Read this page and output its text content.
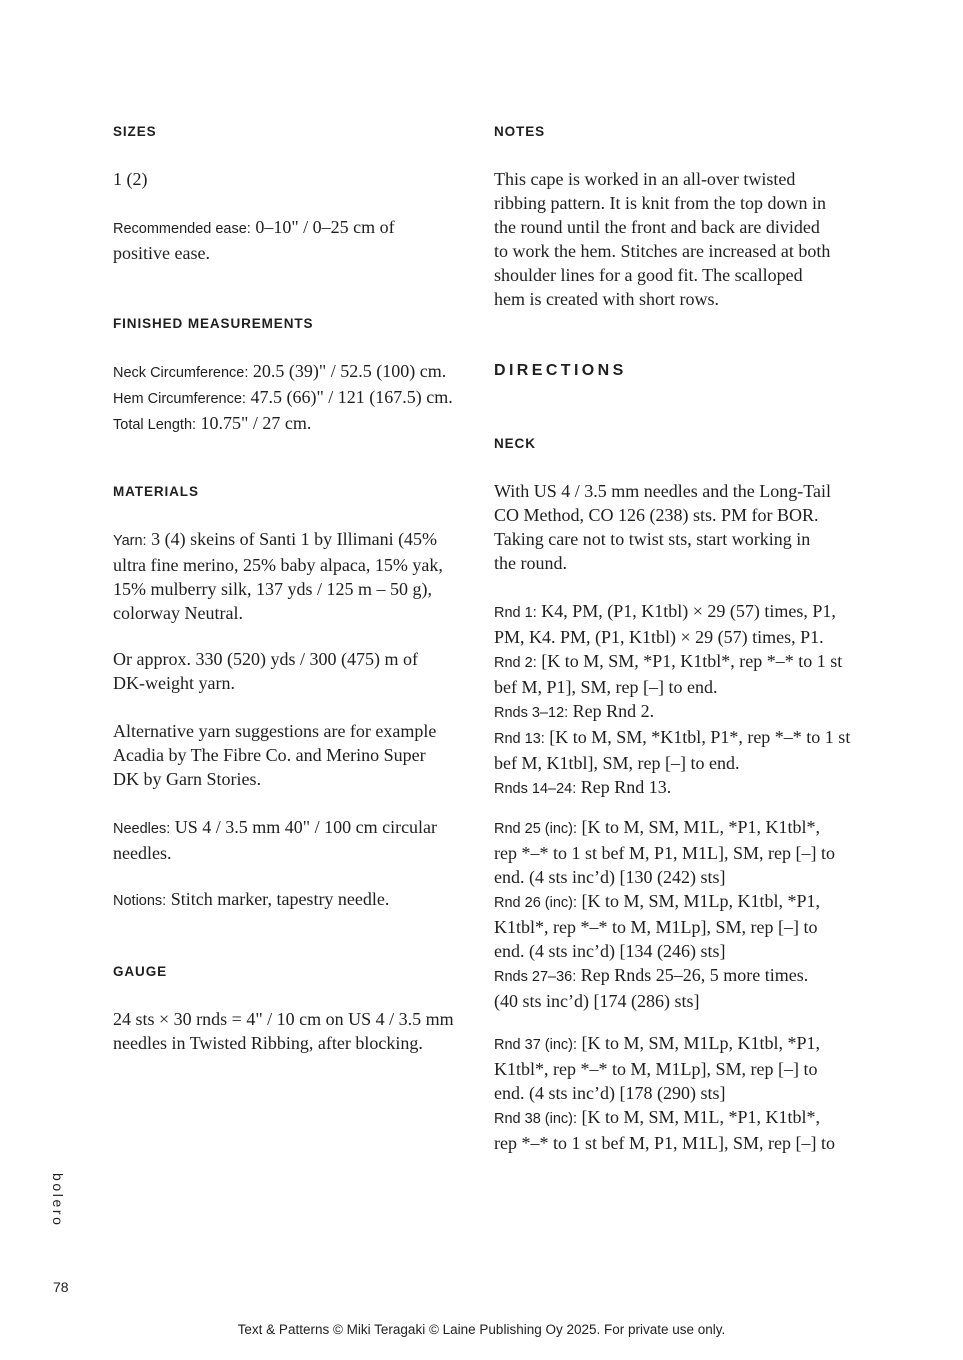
SIZES

1 (2)

Recommended ease: 0–10" / 0–25 cm of
positive ease.

FINISHED MEASUREMENTS

Neck Circumference: 20.5 (39)" / 52.5 (100) cm.
Hem Circumference: 47.5 (66)" / 121 (167.5) cm.
Total Length: 10.75" / 27 cm.

MATERIALS

Yarn: 3 (4) skeins of Santi 1 by Illimani (45%
ultra fine merino, 25% baby alpaca, 15% yak,
15% mulberry silk, 137 yds / 125 m – 50 g),
colorway Neutral.

Or approx. 330 (520) yds / 300 (475) m of
DK-weight yarn.

Alternative yarn suggestions are for example
Acadia by The Fibre Co. and Merino Super
DK by Garn Stories.

Needles: US 4 / 3.5 mm 40" / 100 cm circular
needles.

Notions: Stitch marker, tapestry needle.

GAUGE

24 sts × 30 rnds = 4" / 10 cm on US 4 / 3.5 mm
needles in Twisted Ribbing, after blocking.

NOTES

This cape is worked in an all-over twisted
ribbing pattern. It is knit from the top down in
the round until the front and back are divided
to work the hem. Stitches are increased at both
shoulder lines for a good fit. The scalloped
hem is created with short rows.

DIRECTIONS
NECK

With US 4 / 3.5 mm needles and the Long-Tail
CO Method, CO 126 (238) sts. PM for BOR.
Taking care not to twist sts, start working in
the round.

Rnd 1: K4, PM, (P1, K1tbl) × 29 (57) times, P1,
PM, K4. PM, (P1, K1tbl) × 29 (57) times, P1.
Rnd 2: [K to M, SM, *P1, K1tbl*, rep *–* to 1 st
bef M, P1], SM, rep [–] to end.
Rnds 3–12: Rep Rnd 2.
Rnd 13: [K to M, SM, *K1tbl, P1*, rep *–* to 1 st
bef M, K1tbl], SM, rep [–] to end.
Rnds 14–24: Rep Rnd 13.

Rnd 25 (inc): [K to M, SM, M1L, *P1, K1tbl*,
rep *–* to 1 st bef M, P1, M1L], SM, rep [–] to
end. (4 sts inc’d) [130 (242) sts]
Rnd 26 (inc): [K to M, SM, M1Lp, K1tbl, *P1,
K1tbl*, rep *–* to M, M1Lp], SM, rep [–] to
end. (4 sts inc’d) [134 (246) sts]
Rnds 27–36: Rep Rnds 25–26, 5 more times.
(40 sts inc’d) [174 (286) sts]

Rnd 37 (inc): [K to M, SM, M1Lp, K1tbl, *P1,
K1tbl*, rep *–* to M, M1Lp], SM, rep [–] to
end. (4 sts inc’d) [178 (290) sts]
Rnd 38 (inc): [K to M, SM, M1L, *P1, K1tbl*,
rep *–* to 1 st bef M, P1, M1L], SM, rep [–] to

bolero
78
Text & Patterns © Miki Teragaki © Laine Publishing Oy 2025. For private use only.
